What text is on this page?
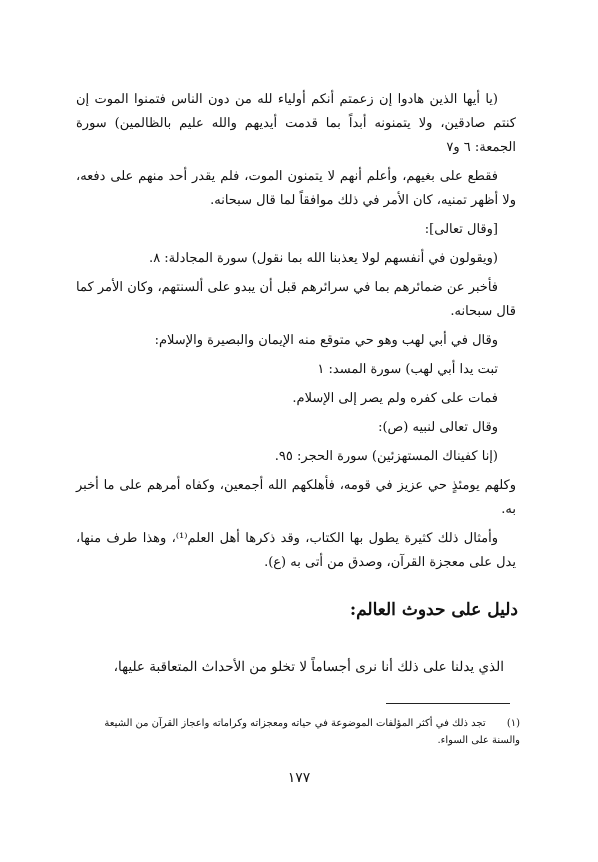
(يا أيها الذين هادوا إن زعمتم أنكم أولياء لله من دون الناس فتمنوا الموت إن كنتم صادقين، ولا يتمنونه أبداً بما قدمت أيديهم والله عليم بالظالمين) سورة الجمعة: ٦ و٧

فقطع على بغيهم، وأعلم أنهم لا يتمنون الموت، فلم يقدر أحد منهم على دفعه، ولا أظهر تمنيه، كان الأمر في ذلك موافقاً لما قال سبحانه.

[وقال تعالى]:

(ويقولون في أنفسهم لولا يعذبنا الله بما نقول) سورة المجادلة: ٨.

فأخبر عن ضمائرهم بما في سرائرهم قبل أن يبدو على ألسنتهم، وكان الأمر كما قال سبحانه.

وقال في أبي لهب وهو حي متوقع منه الإيمان والبصيرة والإسلام:

تبت يدا أبي لهب) سورة المسد: ١

فمات على كفره ولم يصر إلى الإسلام.

وقال تعالى لنبيه (ص):

(إنا كفيناك المستهزئين) سورة الحجر: ٩٥.

وكلهم يومئذٍ حي عزيز في قومه، فأهلكهم الله أجمعين، وكفاه أمرهم على ما أخبر به.

وأمثال ذلك كثيرة يطول بها الكتاب، وقد ذكرها أهل العلم⁽¹⁾، وهذا طرف منها، يدل على معجزة القرآن، وصدق من أتى به (ع).

دليل على حدوث العالم:
الذي يدلنا على ذلك أنا نرى أجساماً لا تخلو من الأحداث المتعاقبة عليها،
(١) تجد ذلك في أكثر المؤلفات الموضوعة في حياته ومعجزاته وكراماته واعجاز القرآن من الشيعة والسنة على السواء.
١٧٧
